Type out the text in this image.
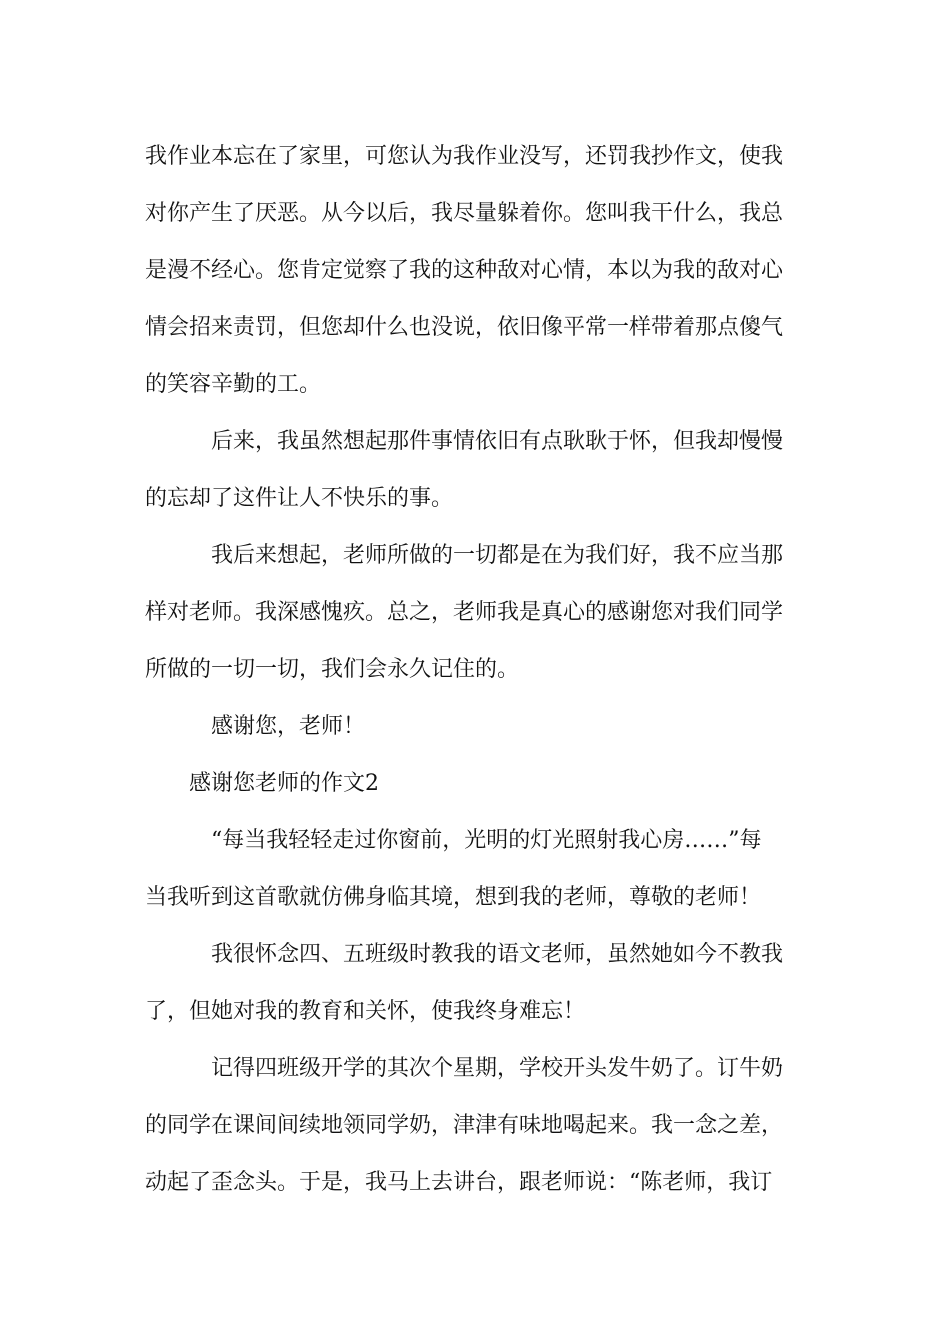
我作业本忘在了家里，可您认为我作业没写，还罚我抄作文，使我
对你产生了厌恶。从今以后，我尽量躲着你。您叫我干什么，我总
是漫不经心。您肯定觉察了我的这种敌对心情，本以为我的敌对心
情会招来责罚，但您却什么也没说，依旧像平常一样带着那点傻气
的笑容辛勤的工。
后来，我虽然想起那件事情依旧有点耿耿于怀，但我却慢慢
的忘却了这件让人不快乐的事。
我后来想起，老师所做的一切都是在为我们好，我不应当那
样对老师。我深感愧疚。总之，老师我是真心的感谢您对我们同学
所做的一切一切，我们会永久记住的。
感谢您，老师！
感谢您老师的作文2
“每当我轻轻走过你窗前，光明的灯光照射我心房……”每
当我听到这首歌就仿佛身临其境，想到我的老师，尊敬的老师！
我很怀念四、五班级时教我的语文老师，虽然她如今不教我
了，但她对我的教育和关怀，使我终身难忘！
记得四班级开学的其次个星期，学校开头发牛奶了。订牛奶
的同学在课间间续地领同学奶，津津有味地喝起来。我一念之差，
动起了歪念头。于是，我马上去讲台，跟老师说：“陈老师，我订
